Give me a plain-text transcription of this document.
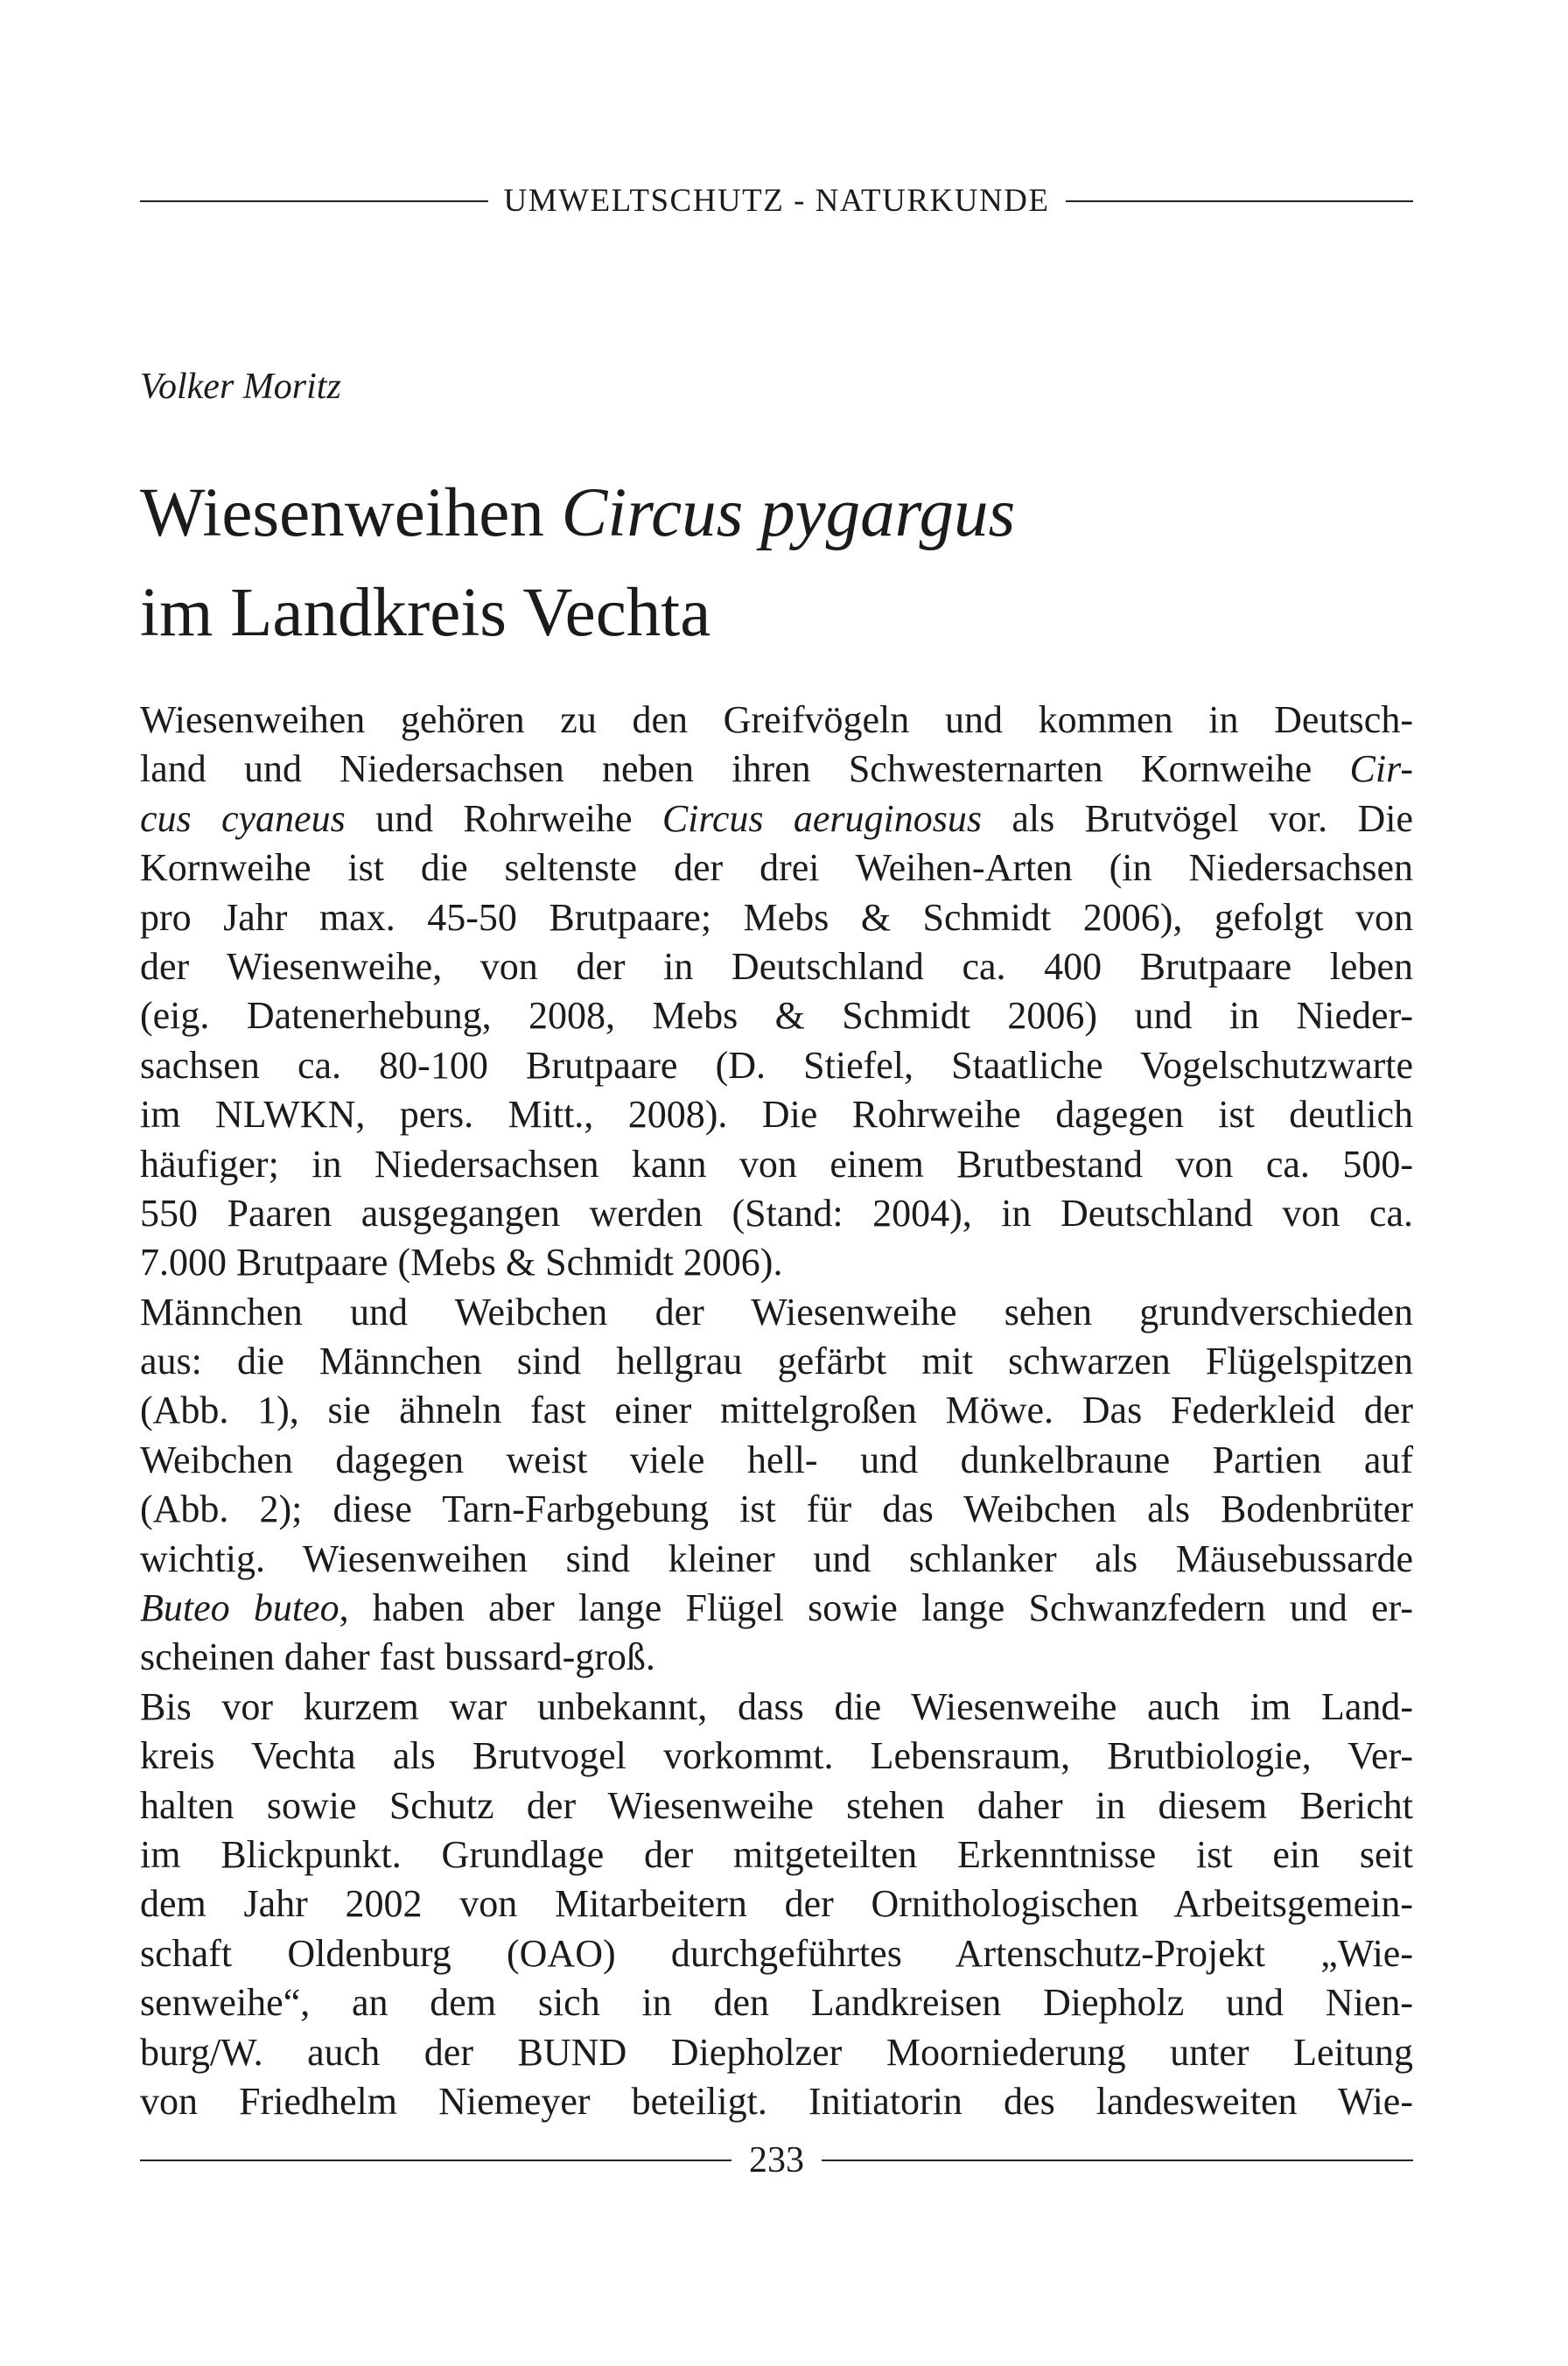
UMWELTSCHUTZ - NATURKUNDE

Volker Moritz

Wiesenweihen Circus pygargus
im Landkreis Vechta
Wiesenweihen gehören zu den Greifvögeln und kommen in Deutsch-
land und Niedersachsen neben ihren Schwesternarten Kornweihe Cir-
cus cyaneus und Rohrweihe Circus aeruginosus als Brutvögel vor. Die
Kornweihe ist die seltenste der drei Weihen-Arten (in Niedersachsen
pro Jahr max. 45-50 Brutpaare; Mebs & Schmidt 2006), gefolgt von
der Wiesenweihe, von der in Deutschland ca. 400 Brutpaare leben
(eig. Datenerhebung, 2008, Mebs & Schmidt 2006) und in Nieder-
sachsen ca. 80-100 Brutpaare (D. Stiefel, Staatliche Vogelschutzwarte
im NLWKN, pers. Mitt., 2008). Die Rohrweihe dagegen ist deutlich
häufiger; in Niedersachsen kann von einem Brutbestand von ca. 500-
550 Paaren ausgegangen werden (Stand: 2004), in Deutschland von ca.
7.000 Brutpaare (Mebs & Schmidt 2006).
Männchen und Weibchen der Wiesenweihe sehen grundverschieden
aus: die Männchen sind hellgrau gefärbt mit schwarzen Flügelspitzen
(Abb. 1), sie ähneln fast einer mittelgroßen Möwe. Das Federkleid der
Weibchen dagegen weist viele hell- und dunkelbraune Partien auf
(Abb. 2); diese Tarn-Farbgebung ist für das Weibchen als Bodenbrüter
wichtig. Wiesenweihen sind kleiner und schlanker als Mäusebussarde
Buteo buteo, haben aber lange Flügel sowie lange Schwanzfedern und er-
scheinen daher fast bussard-groß.
Bis vor kurzem war unbekannt, dass die Wiesenweihe auch im Land-
kreis Vechta als Brutvogel vorkommt. Lebensraum, Brutbiologie, Ver-
halten sowie Schutz der Wiesenweihe stehen daher in diesem Bericht
im Blickpunkt. Grundlage der mitgeteilten Erkenntnisse ist ein seit
dem Jahr 2002 von Mitarbeitern der Ornithologischen Arbeitsgemein-
schaft Oldenburg (OAO) durchgeführtes Artenschutz-Projekt „Wie-
senweihe“, an dem sich in den Landkreisen Diepholz und Nien-
burg/W. auch der BUND Diepholzer Moorniederung unter Leitung
von Friedhelm Niemeyer beteiligt. Initiatorin des landesweiten Wie-
233
